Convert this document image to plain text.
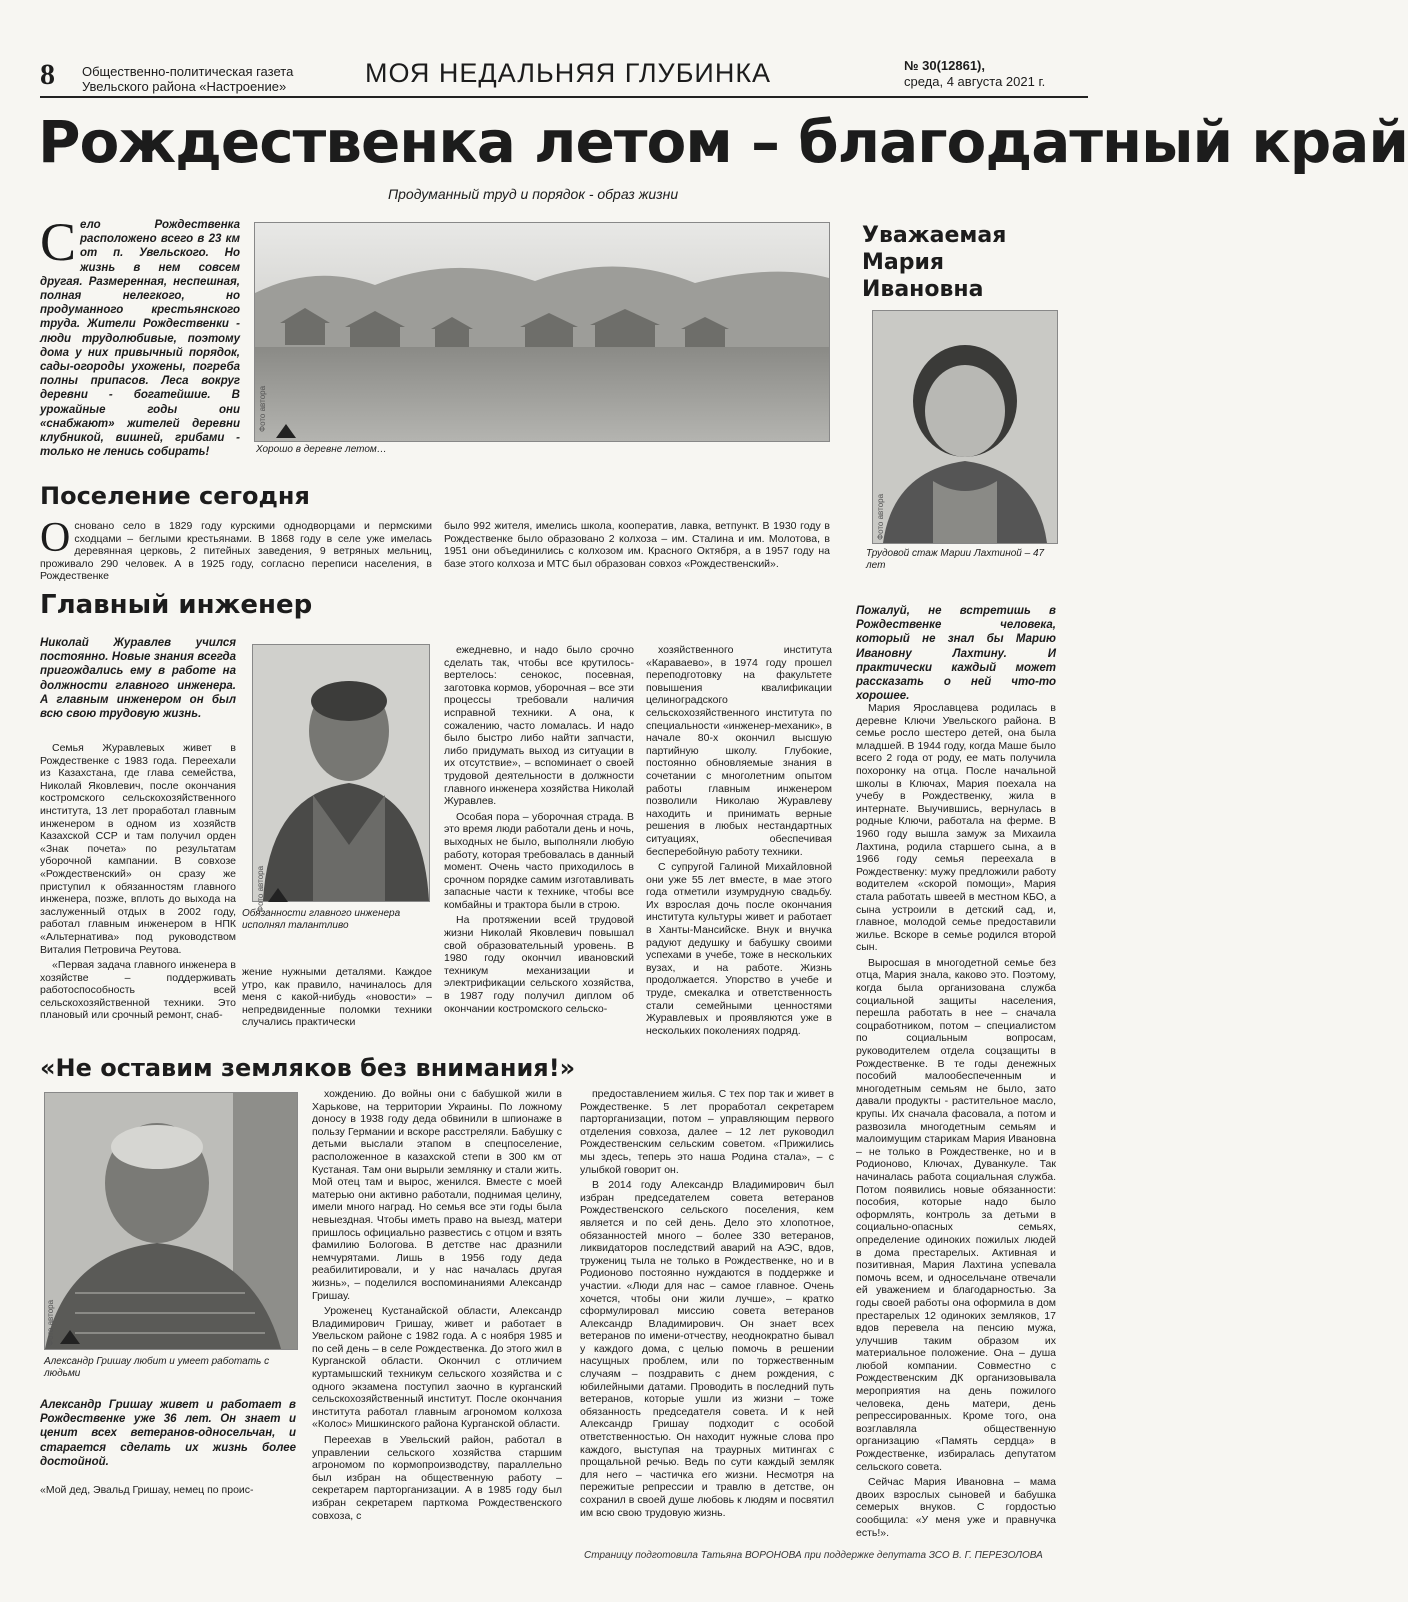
8 Общественно-политическая газета Увельского района «Настроение»	МОЯ НЕДАЛЬНЯЯ ГЛУБИНКА	№ 30(12861),
среда, 4 августа 2021 г.
Рождественка летом – благодатный край
Продуманный труд и порядок - образ жизни
Село Рождественка расположено всего в 23 км от п. Увельского. Но жизнь в нем совсем другая. Размеренная, неспешная, полная нелегкого, но продуманного крестьянского труда. Жители Рождественки - люди трудолюбивые, поэтому дома у них привычный порядок, сады-огороды ухожены, погреба полны припасов. Леса вокруг деревни - богатейшие. В урожайные годы они «снабжают» жителей деревни клубникой, вишней, грибами - только не ленись собирать!
Фото автора
Хорошо в деревне летом…
Поселение сегодня
Основано село в 1829 году курскими однодворцами и пермскими сходцами – беглыми крестьянами. В 1868 году в селе уже имелась деревянная церковь, 2 питейных заведения, 9 ветряных мельниц, проживало 290 человек. А в 1925 году, согласно переписи населения, в Рождественке
было 992 жителя, имелись школа, кооператив, лавка, ветпункт. В 1930 году в Рождественке было образовано 2 колхоза – им. Сталина и им. Молотова, в 1951 они объединились с колхозом им. Красного Октября, а в 1957 году на базе этого колхоза и МТС был образован совхоз «Рождественский».
Уважаемая Мария Ивановна
Фото автора
Трудовой стаж Марии Лахтиной – 47 лет
Пожалуй, не встретишь в Рождественке человека, который не знал бы Марию Ивановну Лахтину. И практически каждый может рассказать о ней что-то хорошее.

Мария Ярославцева родилась в деревне Ключи Увельского района. В семье росло шестеро детей, она была младшей. В 1944 году, когда Маше было всего 2 года от роду, ее мать получила похоронку на отца. После начальной школы в Ключах, Мария поехала на учебу в Рождественку, жила в интернате. Выучившись, вернулась в родные Ключи, работала на ферме. В 1960 году вышла замуж за Михаила Лахтина, родила старшего сына, а в 1966 году семья переехала в Рождественку: мужу предложили работу водителем «скорой помощи», Мария стала работать швеей в местном КБО, а сына устроили в детский сад, и, главное, молодой семье предоставили жилье. Вскоре в семье родился второй сын.

Выросшая в многодетной семье без отца, Мария знала, каково это. Поэтому, когда была организована служба социальной защиты населения, перешла работать в нее – сначала соцработником, потом – специалистом по социальным вопросам, руководителем отдела соцзащиты в Рождественке. В те годы денежных пособий малообеспеченным и многодетным семьям не было, зато давали продукты - растительное масло, крупы. Их сначала фасовала, а потом и развозила многодетным семьям и малоимущим старикам Мария Ивановна – не только в Рождественке, но и в Родионово, Ключах, Дуванкуле. Так начиналась работа социальная служба. Потом появились новые обязанности: пособия, которые надо было оформлять, контроль за детьми в социально-опасных семьях, определение одиноких пожилых людей в дома престарелых. Активная и позитивная, Мария Лахтина успевала помочь всем, и односельчане отвечали ей уважением и благодарностью. За годы своей работы она оформила в дом престарелых 12 одиноких земляков, 17 вдов перевела на пенсию мужа, улучшив таким образом их материальное положение. Она – душа любой компании. Совместно с Рождественским ДК организовывала мероприятия на день пожилого человека, день матери, день репрессированных. Кроме того, она возглавляла общественную организацию «Память сердца» в Рождественке, избиралась депутатом сельского совета.

Сейчас Мария Ивановна – мама двоих взрослых сыновей и бабушка семерых внуков. С гордостью сообщила: «У меня уже и правнучка есть!».

Главный инженер
Николай Журавлев учился постоянно. Новые знания всегда пригождались ему в работе на должности главного инженера. А главным инженером он был всю свою трудовую жизнь.

Семья Журавлевых живет в Рождественке с 1983 года. Переехали из Казахстана, где глава семейства, Николай Яковлевич, после окончания костромского сельскохозяйственного института, 13 лет проработал главным инженером в одном из хозяйств Казахской ССР и там получил орден «Знак почета» по результатам уборочной кампании. В совхозе «Рождественский» он сразу же приступил к обязанностям главного инженера, позже, вплоть до выхода на заслуженный отдых в 2002 году, работал главным инженером в НПК «Альтернатива» под руководством Виталия Петровича Реутова.

«Первая задача главного инженера в хозяйстве – поддерживать работоспособность всей сельскохозяйственной техники. Это плановый или срочный ремонт, снаб-

Фото автора
Обязанности главного инженера исполнял талантливо
жение нужными деталями. Каждое утро, как правило, начиналось для меня с какой-нибудь «новости» – непредвиденные поломки техники случались практически

ежедневно, и надо было срочно сделать так, чтобы все крутилось-вертелось: сенокос, посевная, заготовка кормов, уборочная – все эти процессы требовали наличия исправной техники. А она, к сожалению, часто ломалась. И надо было быстро либо найти запчасти, либо придумать выход из ситуации в их отсутствие», – вспоминает о своей трудовой деятельности в должности главного инженера хозяйства Николай Журавлев.

Особая пора – уборочная страда. В это время люди работали день и ночь, выходных не было, выполняли любую работу, которая требовалась в данный момент. Очень часто приходилось в срочном порядке самим изготавливать запасные части к технике, чтобы все комбайны и трактора были в строю.

На протяжении всей трудовой жизни Николай Яковлевич повышал свой образовательный уровень. В 1980 году окончил ивановский техникум механизации и электрификации сельского хозяйства, в 1987 году получил диплом об окончании костромского сельско-

хозяйственного института «Караваево», в 1974 году прошел переподготовку на факультете повышения квалификации целиноградского сельскохозяйственного института по специальности «инженер-механик», в начале 80-х окончил высшую партийную школу. Глубокие, постоянно обновляемые знания в сочетании с многолетним опытом работы главным инженером позволили Николаю Журавлеву находить и принимать верные решения в любых нестандартных ситуациях, обеспечивая бесперебойную работу техники.

С супругой Галиной Михайловной они уже 55 лет вместе, в мае этого года отметили изумрудную свадьбу. Их взрослая дочь после окончания института культуры живет и работает в Ханты-Мансийске. Внук и внучка радуют дедушку и бабушку своими успехами в учебе, тоже в нескольких вузах, и на работе. Жизнь продолжается. Упорство в учебе и труде, смекалка и ответственность стали семейными ценностями Журавлевых и проявляются уже в нескольких поколениях подряд.

«Не оставим земляков без внимания!»
Фото автора
Александр Гришау любит и умеет работать с людьми
Александр Гришау живет и работает в Рождественке уже 36 лет. Он знает и ценит всех ветеранов-односельчан, и старается сделать их жизнь более достойной.
«Мой дед, Эвальд Гришау, немец по проис-

хождению. До войны они с бабушкой жили в Харькове, на территории Украины. По ложному доносу в 1938 году деда обвинили в шпионаже в пользу Германии и вскоре расстреляли. Бабушку с детьми выслали этапом в спецпоселение, расположенное в казахской степи в 300 км от Кустаная. Там они вырыли землянку и стали жить. Мой отец там и вырос, женился. Вместе с моей матерью они активно работали, поднимая целину, имели много наград. Но семья все эти годы была невыездная. Чтобы иметь право на выезд, матери пришлось официально развестись с отцом и взять фамилию Бологова. В детстве нас дразнили немчурятами. Лишь в 1956 году деда реабилитировали, и у нас началась другая жизнь», – поделился воспоминаниями Александр Гришау.

Уроженец Кустанайской области, Александр Владимирович Гришау, живет и работает в Увельском районе с 1982 года. А с ноября 1985 и по сей день – в селе Рождественка. До этого жил в Курганской области. Окончил с отличием куртамышский техникум сельского хозяйства и с одного экзамена поступил заочно в курганский сельскохозяйственный институт. После окончания института работал главным агрономом колхоза «Колос» Мишкинского района Курганской области.

Переехав в Увельский район, работал в управлении сельского хозяйства старшим агрономом по кормопроизводству, параллельно был избран на общественную работу – секретарем парторганизации. А в 1985 году был избран секретарем парткома Рождественского совхоза, с

предоставлением жилья. С тех пор так и живет в Рождественке. 5 лет проработал секретарем парторганизации, потом – управляющим первого отделения совхоза, далее – 12 лет руководил Рождественским сельским советом. «Прижились мы здесь, теперь это наша Родина стала», – с улыбкой говорит он.

В 2014 году Александр Владимирович был избран председателем совета ветеранов Рождественского сельского поселения, кем является и по сей день. Дело это хлопотное, обязанностей много – более 330 ветеранов, ликвидаторов последствий аварий на АЭС, вдов, тружениц тыла не только в Рождественке, но и в Родионово постоянно нуждаются в поддержке и участии. «Люди для нас – самое главное. Очень хочется, чтобы они жили лучше», – кратко сформулировал миссию совета ветеранов Александр Владимирович. Он знает всех ветеранов по имени-отчеству, неоднократно бывал у каждого дома, с целью помочь в решении насущных проблем, или по торжественным случаям – поздравить с днем рождения, с юбилейными датами. Проводить в последний путь ветеранов, которые ушли из жизни – тоже обязанность председателя совета. И к ней Александр Гришау подходит с особой ответственностью. Он находит нужные слова про каждого, выступая на траурных митингах с прощальной речью. Ведь по сути каждый земляк для него – частичка его жизни. Несмотря на пережитые репрессии и травлю в детстве, он сохранил в своей душе любовь к людям и посвятил им всю свою трудовую жизнь.

Страницу подготовила Татьяна ВОРОНОВА при поддержке депутата ЗСО В. Г. ПЕРЕЗОЛОВА
